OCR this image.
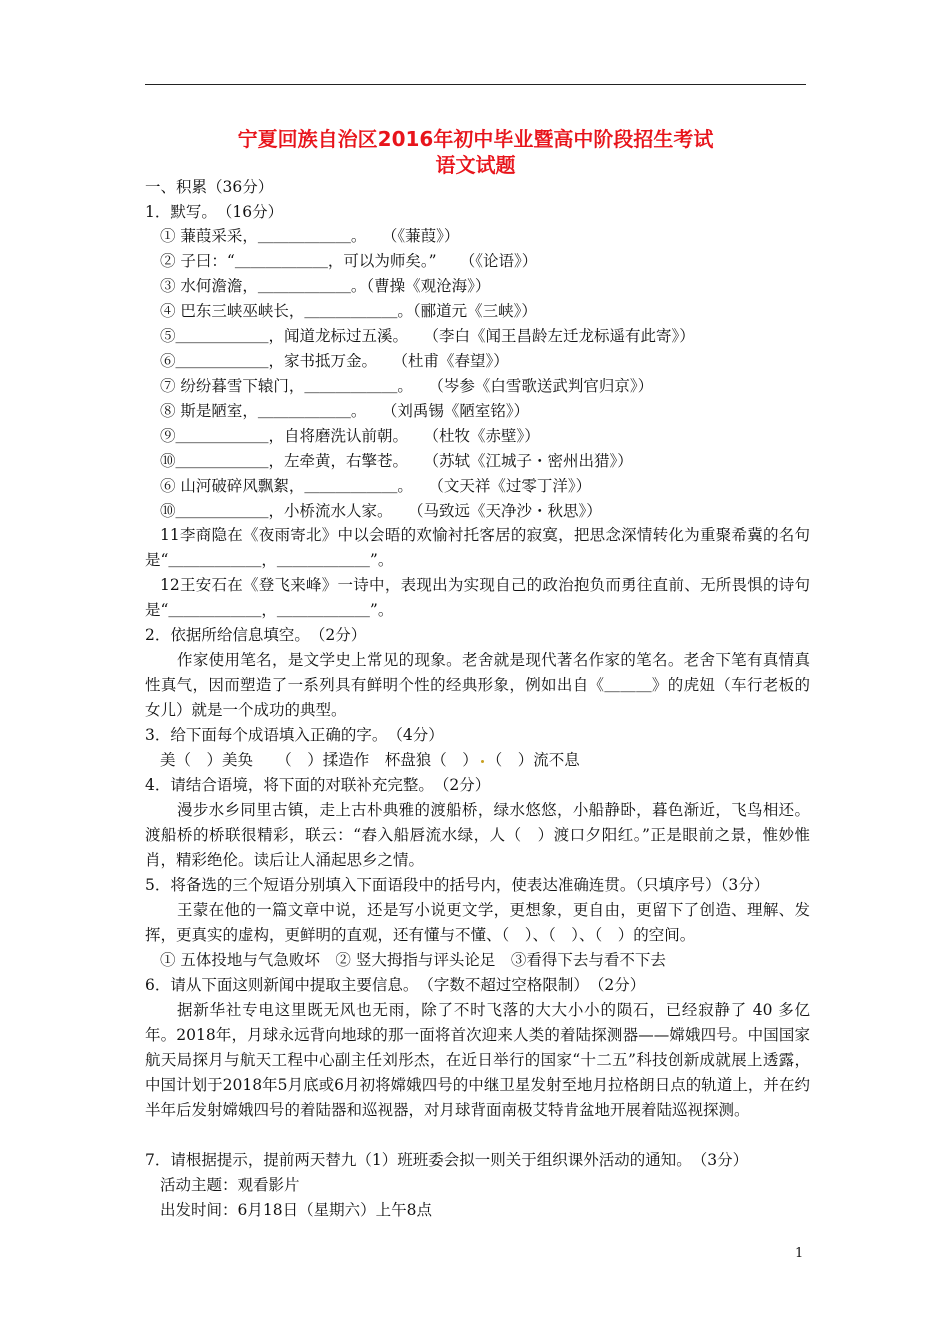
宁夏回族自治区2016年初中毕业暨高中阶段招生考试
语文试题
一、积累（36分）
1．默写。　（16分）
① 蒹葭采采，＿＿＿＿＿＿。　　（《蒹葭》）
② 子曰：“＿＿＿＿＿＿，可以为师矣。”　　（《论语》）
③ 水何澹澹，＿＿＿＿＿＿。（曹操《观沧海》）
④ 巴东三峡巫峡长，＿＿＿＿＿＿。（郦道元《三峡》）
⑤＿＿＿＿＿＿，闻道龙标过五溪。　　（李白《闻王昌龄左迁龙标遥有此寄》）
⑥＿＿＿＿＿＿，家书抵万金。　　（杜甫《春望》）
⑦ 纷纷暮雪下辕门，＿＿＿＿＿＿。　　（岑参《白雪歌送武判官归京》）
⑧ 斯是陋室，＿＿＿＿＿＿。　　（刘禹锡《陋室铭》）
⑨＿＿＿＿＿＿，自将磨洗认前朝。　　（杜牧《赤壁》）
⑩＿＿＿＿＿＿，左牵黄，右擎苍。　　（苏轼《江城子・密州出猎》）
⑥ 山河破碎风飘絮，＿＿＿＿＿＿。　　（文天祥《过零丁洋》）
⑩＿＿＿＿＿＿，小桥流水人家。　　（马致远《天净沙・秋思》）
11李商隐在《夜雨寄北》中以会晤的欢愉衬托客居的寂寞，把思念深情转化为重聚希冀的名句是“＿＿＿＿＿＿，＿＿＿＿＿＿”。
12王安石在《登飞来峰》一诗中，表现出为实现自己的政治抱负而勇往直前、无所畏惧的诗句是“＿＿＿＿＿＿，＿＿＿＿＿＿”。
2．依据所给信息填空。　（2分）
作家使用笔名，是文学史上常见的现象。老舍就是现代著名作家的笔名。老舍下笔有真情真性真气，因而塑造了一系列具有鲜明个性的经典形象，例如出自《＿＿＿》的虎妞（车行老板的女儿）就是一个成功的典型。
3．给下面每个成语填入正确的字。　（4分）
美（　）美奂　　（　）揉造作　杯盘狼（　） （　）流不息
4．请结合语境，将下面的对联补充完整。　（2分）
漫步水乡同里古镇，走上古朴典雅的渡船桥，绿水悠悠，小船静卧，暮色渐近，飞鸟相还。渡船桥的桥联很精彩，联云：“舂入船唇流水绿，人（　）渡口夕阳红。”正是眼前之景，惟妙惟肖，精彩绝伦。读后让人涌起思乡之情。
5．将备选的三个短语分别填入下面语段中的括号内，使表达准确连贯。（只填序号）（3分）
王蒙在他的一篇文章中说，还是写小说更文学，更想象，更自由，更留下了创造、理解、发挥，更真实的虚构，更鲜明的直观，还有懂与不懂、（　）、（　）、（　）的空间。
① 五体投地与气急败坏　② 竖大拇指与评头论足　③看得下去与看不下去
6．请从下面这则新闻中提取主要信息。　（字数不超过空格限制）　（2分）
据新华社专电这里既无风也无雨，除了不时飞落的大大小小的陨石，已经寂静了 40 多亿年。2018年，月球永远背向地球的那一面将首次迎来人类的着陆探测器——嫦娥四号。中国国家航天局探月与航天工程中心副主任刘彤杰，在近日举行的国家“十二五”科技创新成就展上透露，中国计划于2018年5月底或6月初将嫦娥四号的中继卫星发射至地月拉格朗日点的轨道上，并在约半年后发射嫦娥四号的着陆器和巡视器，对月球背面南极艾特肯盆地开展着陆巡视探测。
7．请根据提示，提前两天替九（1）班班委会拟一则关于组织课外活动的通知。　（3分）
活动主题：观看影片
出发时间：6月18日（星期六）上午8点
1
